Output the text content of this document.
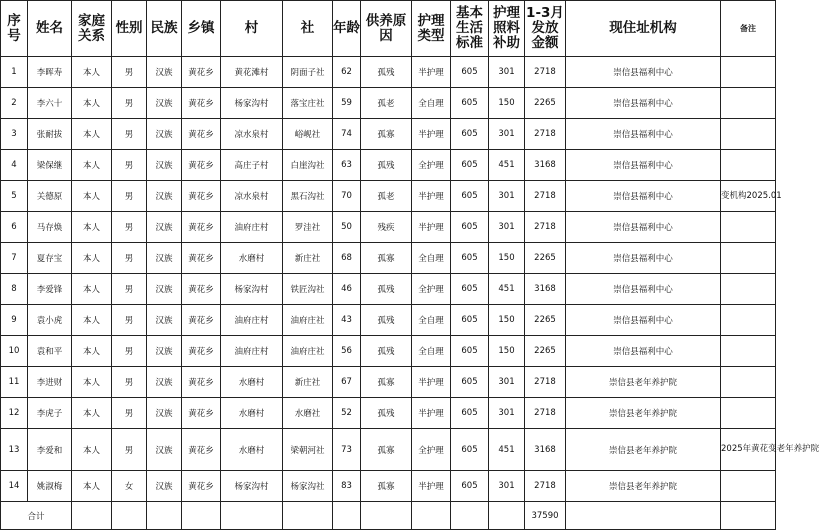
序号	姓名	家庭关系	性别	民族	乡镇	村	社	年龄	供养原因	护理类型	基本生活标准	护理照料补助	1-3月发放金额	现住址机构	备注
1	李晖寿	本人	男	汉族	黄花乡	黄花滩村	阴面子社	62	孤残	半护理	605	301	2718	崇信县福利中心	
2	李六十	本人	男	汉族	黄花乡	杨家沟村	落宝庄社	59	孤老	全自理	605	150	2265	崇信县福利中心	
3	张耐拔	本人	男	汉族	黄花乡	凉水泉村	峪岘社	74	孤寡	半护理	605	301	2718	崇信县福利中心	
4	梁保继	本人	男	汉族	黄花乡	高庄子村	白崖沟社	63	孤残	全护理	605	451	3168	崇信县福利中心	
5	关德原	本人	男	汉族	黄花乡	凉水泉村	黑石沟社	70	孤老	半护理	605	301	2718	崇信县福利中心	变机构2025.01
6	马存焕	本人	男	汉族	黄花乡	油府庄村	罗洼社	50	残疾	半护理	605	301	2718	崇信县福利中心	
7	夏存宝	本人	男	汉族	黄花乡	水磨村	新庄社	68	孤寡	全自理	605	150	2265	崇信县福利中心	
8	李爱锋	本人	男	汉族	黄花乡	杨家沟村	铁匠沟社	46	孤残	全护理	605	451	3168	崇信县福利中心	
9	袁小虎	本人	男	汉族	黄花乡	油府庄村	油府庄社	43	孤残	全自理	605	150	2265	崇信县福利中心	
10	袁和平	本人	男	汉族	黄花乡	油府庄村	油府庄社	56	孤残	全自理	605	150	2265	崇信县福利中心	
11	李进财	本人	男	汉族	黄花乡	水磨村	新庄社	67	孤寡	半护理	605	301	2718	崇信县老年养护院	
12	李虎子	本人	男	汉族	黄花乡	水磨村	水磨社	52	孤残	半护理	605	301	2718	崇信县老年养护院	
13	李爱和	本人	男	汉族	黄花乡	水磨村	梁朝河社	73	孤寡	全护理	605	451	3168	崇信县老年养护院	2025年黄花变老年养护院
14	姚淑梅	本人	女	汉族	黄花乡	杨家沟村	杨家沟社	83	孤寡	半护理	605	301	2718	崇信县老年养护院	
合计													37590		
